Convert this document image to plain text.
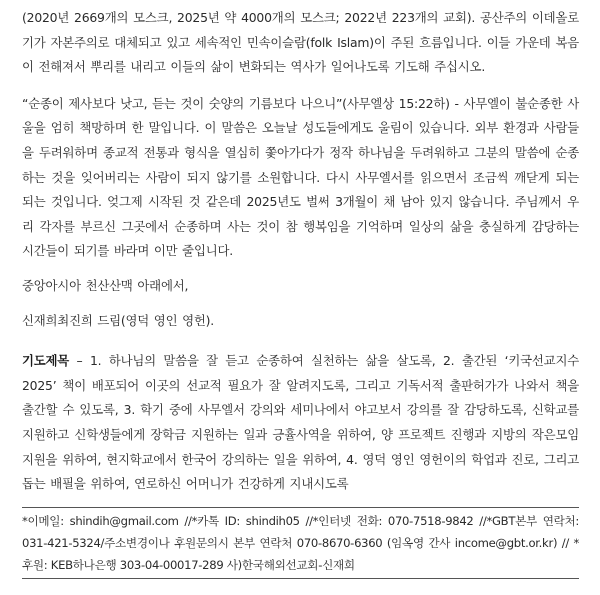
(2020년 2669개의 모스크, 2025년 약 4000개의 모스크; 2022년 223개의 교회). 공산주의 이데올로기가 자본주의로 대체되고 있고 세속적인 민속이슬람(folk Islam)이 주된 흐름입니다. 이들 가운데 복음이 전해져서 뿌리를 내리고 이들의 삶이 변화되는 역사가 일어나도록 기도해 주십시오.

“순종이 제사보다 낫고, 듣는 것이 숫양의 기름보다 나으니”(사무엘상 15:22하) - 사무엘이 불순종한 사울을 엄히 책망하며 한 말입니다. 이 말씀은 오늘날 성도들에게도 울림이 있습니다. 외부 환경과 사람들을 두려워하며 종교적 전통과 형식을 열심히 쫓아가다가 정작 하나님을 두려워하고 그분의 말씀에 순종하는 것을 잊어버리는 사람이 되지 않기를 소원합니다. 다시 사무엘서를 읽으면서 조금씩 깨닫게 되는 되는 것입니다. 엊그제 시작된 것 같은데 2025년도 벌써 3개월이 채 남아 있지 않습니다. 주님께서 우리 각자를 부르신 그곳에서 순종하며 사는 것이 참 행복임을 기억하며 일상의 삶을 충실하게 감당하는 시간들이 되기를 바라며 이만 줄입니다.

중앙아시아 천산산맥 아래에서,

신재희최진희 드림(영덕 영인 영헌).

기도제목 – 1. 하나님의 말씀을 잘 듣고 순종하여 실천하는 삶을 살도록, 2. 출간된 ‘키국선교지수 2025’ 책이 배포되어 이곳의 선교적 필요가 잘 알려지도록, 그리고 기독서적 출판허가가 나와서 책을 출간할 수 있도록, 3. 학기 중에 사무엘서 강의와 세미나에서 야고보서 강의를 잘 감당하도록, 신학교를 지원하고 신학생들에게 장학금 지원하는 일과 긍휼사역을 위하여, 양 프로젝트 진행과 지방의 작은모임 지원을 위하여, 현지학교에서 한국어 강의하는 일을 위하여, 4. 영덕 영인 영헌이의 학업과 진로, 그리고 돕는 배필을 위하여, 연로하신 어머니가 건강하게 지내시도록

*이메일: shindih@gmail.com //*카톡 ID: shindih05 //*인터넷 전화: 070-7518-9842 //*GBT본부 연락처: 031-421-5324/주소변경이나 후원문의시 본부 연락처 070-8670-6360 (임옥영 간사 income@gbt.or.kr) // *후원: KEB하나은행 303-04-00017-289 사)한국해외선교회-신재희
